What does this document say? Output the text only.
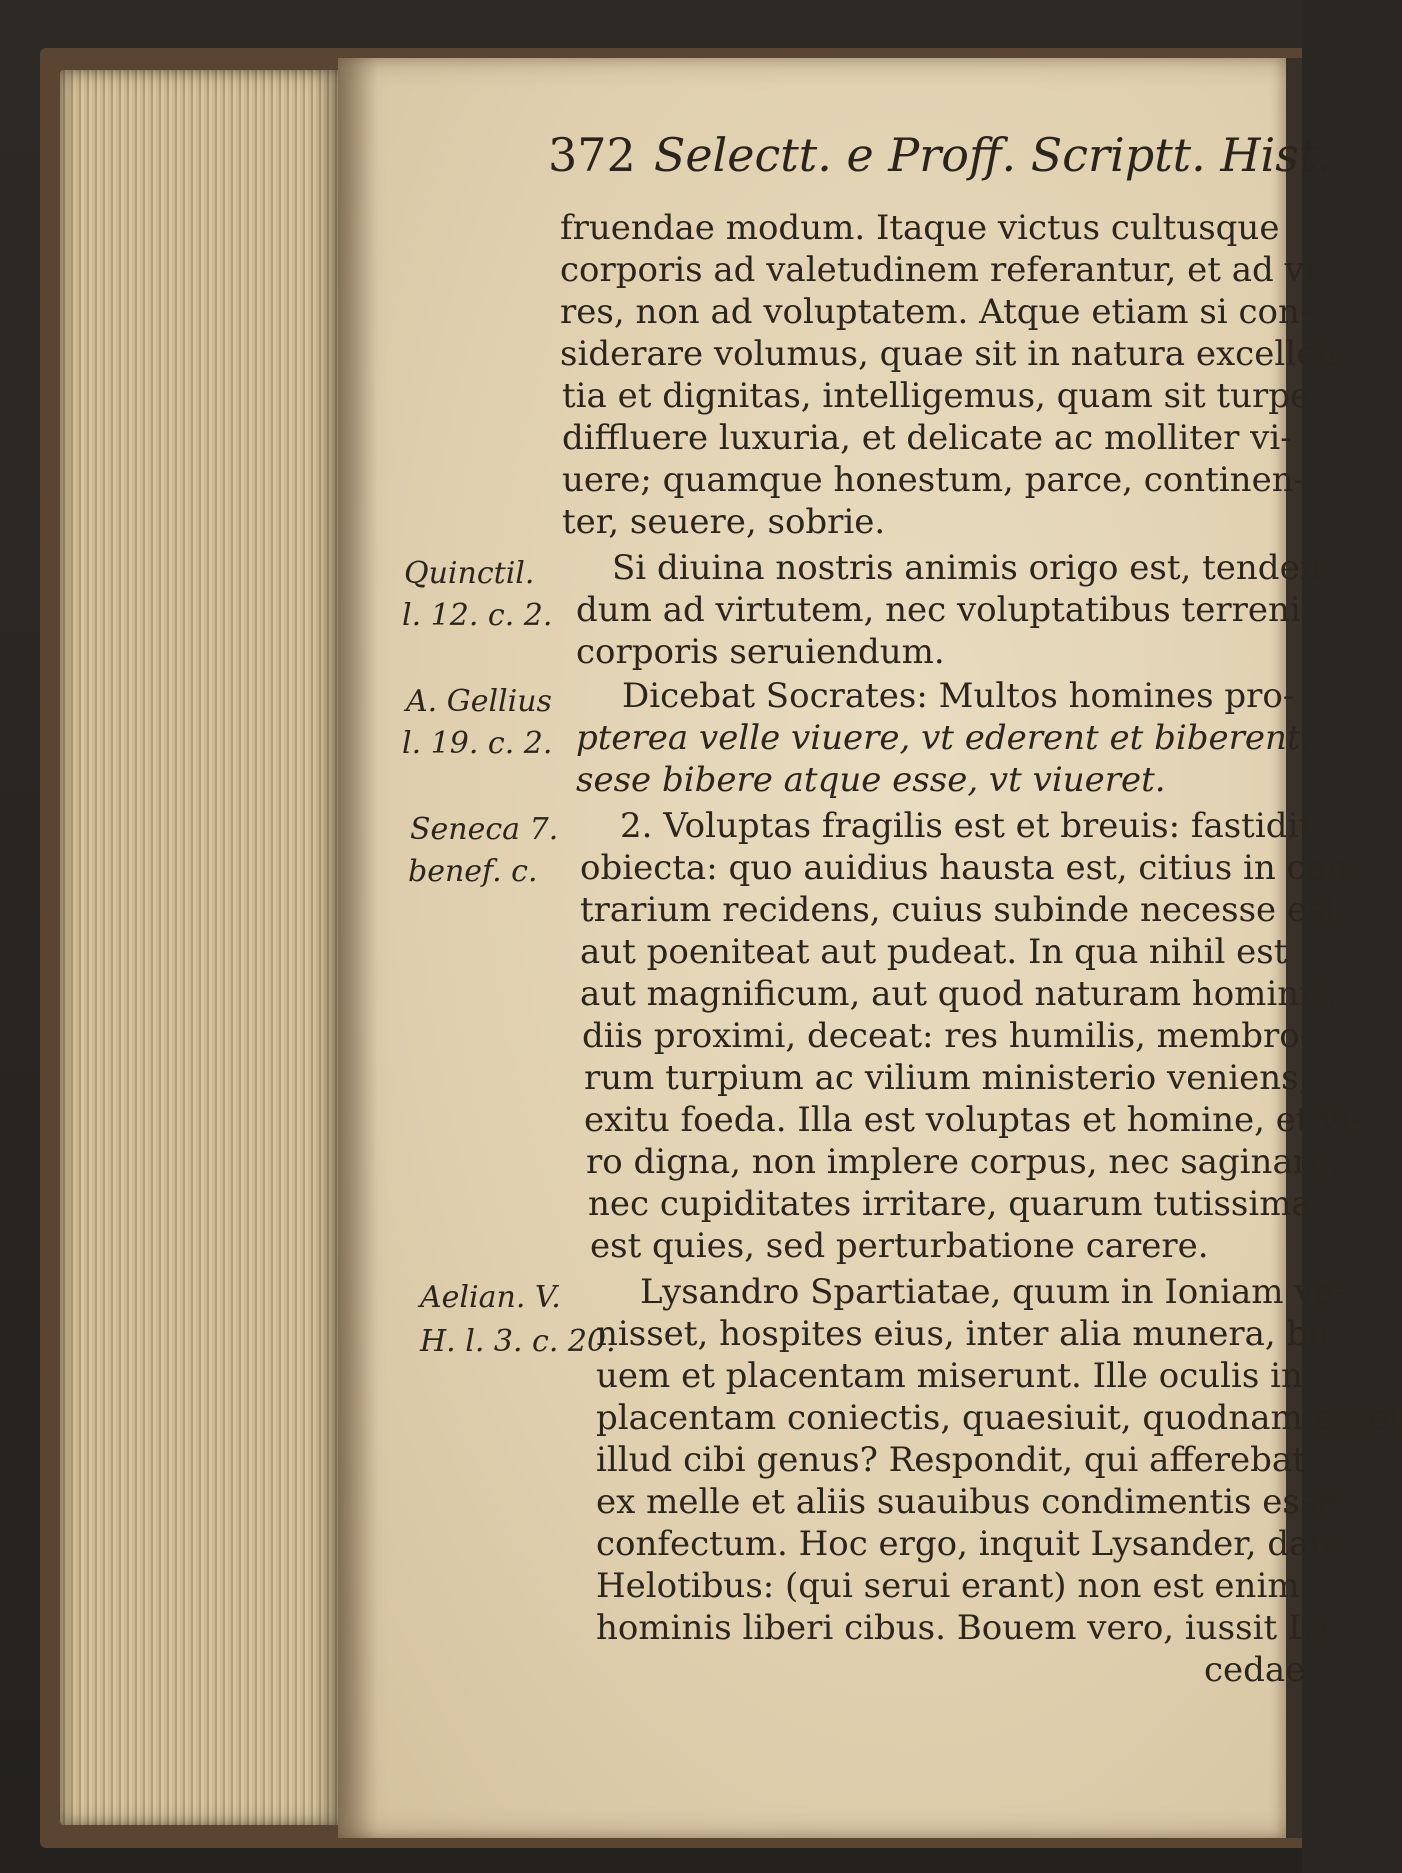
372 Selectt. e Proff. Scriptt. Hist.
fruendae modum. Itaque victus cultusque
corporis ad valetudinem referantur, et ad vi-
res, non ad voluptatem. Atque etiam si con-
siderare volumus, quae sit in natura excellen-
tia et dignitas, intelligemus, quam sit turpe
diffluere luxuria, et delicate ac molliter vi-
uere; quamque honestum, parce, continen-
ter, seuere, sobrie.
Si diuina nostris animis origo est, tenden-
dum ad virtutem, nec voluptatibus terreni
corporis seruiendum.
Dicebat Socrates: Multos homines pro-
pterea velle viuere, vt ederent et biberent:
sese bibere atque esse, vt viueret.
2. Voluptas fragilis est et breuis: fastidit
obiecta: quo auidius hausta est, citius in con-
trarium recidens, cuius subinde necesse est,
aut poeniteat aut pudeat. In qua nihil est
aut magnificum, aut quod naturam hominis,
diis proximi, deceat: res humilis, membro-
rum turpium ac vilium ministerio veniens,
exitu foeda. Illa est voluptas et homine, et vi-
ro digna, non implere corpus, nec saginare,
nec cupiditates irritare, quarum tutissima
est quies, sed perturbatione carere.
Lysandro Spartiatae, quum in Ioniam ve-
nisset, hospites eius, inter alia munera, bo-
uem et placentam miserunt. Ille oculis in
placentam coniectis, quaesiuit, quodnam esset
illud cibi genus? Respondit, qui afferebat,
ex melle et aliis suauibus condimentis esse
confectum. Hoc ergo, inquit Lysander, date
Helotibus: (qui serui erant) non est enim
hominis liberi cibus. Bouem vero, iussit La-
cedae-
Quinctil.
l. 12. c. 2.
A. Gellius
l. 19. c. 2.
Seneca 7.
benef. c.
Aelian. V.
H. l. 3. c. 20.
